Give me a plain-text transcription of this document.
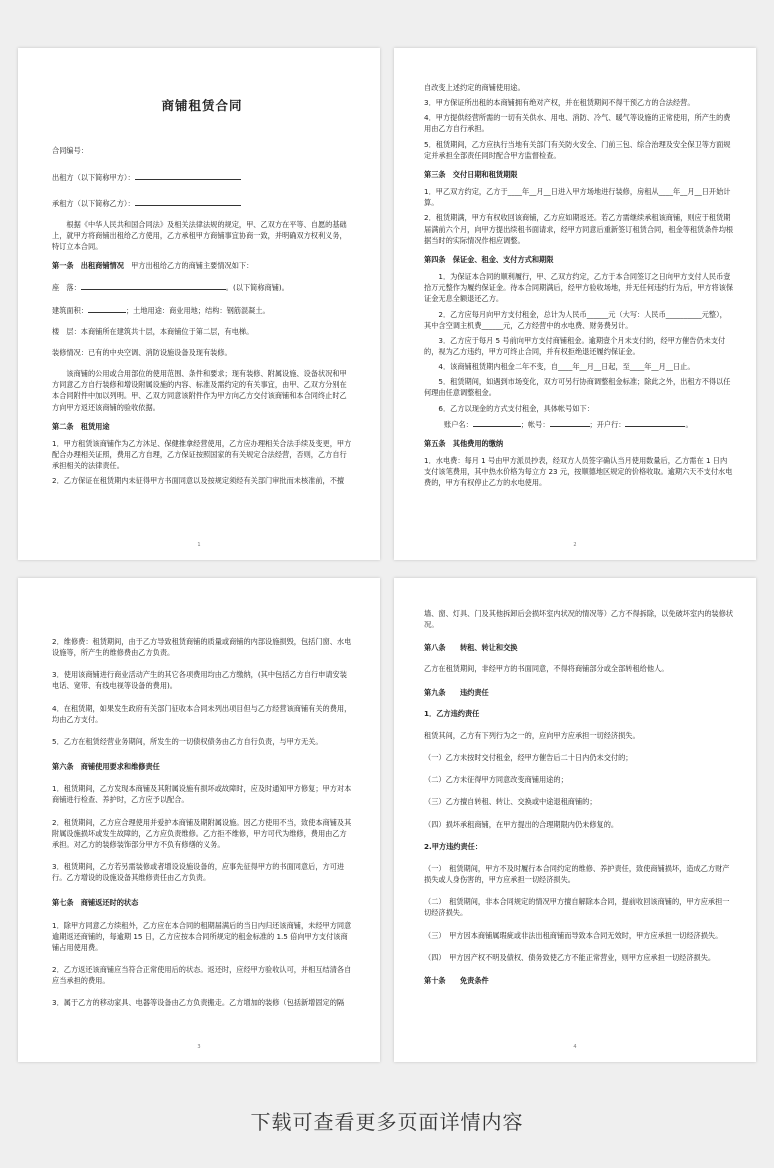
商铺租赁合同
合同编号：
出租方（以下简称甲方）：
承租方（以下简称乙方）：
根据《中华人民共和国合同法》及相关法律法规的规定，甲、乙双方在平等、自愿的基础上，就甲方将商铺出租给乙方使用，乙方承租甲方商铺事宜协商一致，并明确双方权利义务，特订立本合同。
第一条　出租商铺情况　 甲方出租给乙方的商铺主要情况如下：
座　落：	。(以下简称商铺)。
建筑面积：	；土地用途：商业用地；结构：钢筋混凝土。
楼　层：本商铺所在建筑共十层，本商铺位于第二层，有电梯。
装修情况：已有的中央空调、消防设施设备及现有装修。
该商铺的公用或合用部位的使用范围、条件和要求；现有装修、附属设施、设备状况和甲方同意乙方自行装修和增设附属设施的内容、标准及需约定的有关事宜，由甲、乙双方分别在本合同附件中加以列明。甲、乙双方同意该附件作为甲方向乙方交付该商铺和本合同终止时乙方向甲方返还该商铺的验收依据。
第二条　租赁用途
1．甲方租赁该商铺作为乙方沐足、保健推拿经营使用，乙方应办理相关合法手续及变更，甲方配合办理相关证照，费用乙方自理，乙方保证按照国家的有关规定合法经营，否则，乙方自行承担相关的法律责任。
2．乙方保证在租赁期内未征得甲方书面同意以及按规定须经有关部门审批而未核准前，不擅
1
自改变上述约定的商铺使用途。
3．甲方保证所出租的本商铺拥有绝对产权，并在租赁期间不得干预乙方的合法经营。
4．甲方提供经营所需的一切有关供水、用电、消防、冷气、暖气等设施的正常使用，所产生的费用由乙方自行承担。
5．租赁期间，乙方应执行当地有关部门有关防火安全、门前三包、综合治理及安全保卫等方面规定并承担全部责任同时配合甲方监督检查。
第三条　交付日期和租赁期限
1．甲乙双方约定，乙方于____年__月__日进入甲方场地进行装修，房租从____年__月__日开始计算。
2．租赁期满，甲方有权收回该商铺，乙方应如期返还。若乙方需继续承租该商铺，则应于租赁期届满前六个月，向甲方提出续租书面请求，经甲方同意后重新签订租赁合同，租金等租赁条件均根据当时的实际情况作相应调整。
第四条　保证金、租金、支付方式和期限
1．为保证本合同的顺利履行，甲、乙双方约定，乙方于本合同签订之日向甲方支付人民币壹拾万元整作为履约保证金。待本合同期满后，经甲方验收场地，并无任何违约行为后，甲方将该保证金无息全额退还乙方。
2．乙方应每月向甲方支付租金，总计为人民币______元（大写：人民币__________元整），其中含空调主机费______元，乙方经营中的水电费、财务费另计。
3．乙方应于每月 5 号前向甲方支付商铺租金。逾期壹个月未支付的，经甲方催告仍未支付的，视为乙方违约，甲方可终止合同，并有权拒绝退还履约保证金。
4．该商铺租赁期内租金二年不变，自____年__月__日起，至____年__月__日止。
5．租赁期间，如遇到市场变化，双方可另行协商调整租金标准；除此之外，出租方不得以任何理由任意调整租金。
6．乙方以现金的方式支付租金，具体帐号如下：
账户名：	；帐号：	；开户行：	。
第五条　其他费用的缴纳
1．水电费：每月 1 号由甲方派员抄表，经双方人员签字确认当月使用数量后，乙方需在 1 日内支付该笔费用，其中热水价格为每立方 23 元，按顺德地区规定的价格收取。逾期六天不支付水电费的，甲方有权停止乙方的水电使用。
2
2．维修费：租赁期间，由于乙方导致租赁商铺的质量或商铺的内部设施损毁，包括门窗、水电设施等，所产生的维修费由乙方负责。
3．使用该商铺进行商业活动产生的其它各项费用均由乙方缴纳，(其中包括乙方自行申请安装电话、宽带、有线电视等设备的费用)。
4．在租赁期，如果发生政府有关部门征收本合同未列出项目但与乙方经营该商铺有关的费用，均由乙方支付。
5．乙方在租赁经营业务期间，所发生的一切债权债务由乙方自行负责，与甲方无关。
第六条　商铺使用要求和维修责任
1．租赁期间，乙方发现本商铺及其附属设施有损坏或故障时，应及时通知甲方修复；甲方对本商铺进行检查、养护时，乙方应予以配合。
2．租赁期间，乙方应合理使用并爱护本商铺及期附属设施。因乙方使用不当，致使本商铺及其附属设施损坏或发生故障的，乙方应负责维修。乙方拒不维修，甲方可代为维修，费用由乙方承担。对乙方的装修装饰部分甲方不负有修缮的义务。
3．租赁期间，乙方若另需装修或者增设设施设备的，应事先征得甲方的书面同意后，方可进行。乙方增设的设施设备其维修责任由乙方负责。
第七条　商铺返还时的状态
1．除甲方同意乙方续租外，乙方应在本合同的租期届满后的当日内归还该商铺，未经甲方同意逾期返还商铺的，每逾期 15 日，乙方应按本合同所规定的租金标准的 1.5 倍向甲方支付该商铺占用使用费。
2．乙方返还该商铺应当符合正常使用后的状态。返还时，应经甲方验收认可，并相互结清各自应当承担的费用。
3．属于乙方的移动家具、电器等设备由乙方负责搬走。乙方增加的装修（包括新增固定的隔
3
墙、窗、灯具、门及其他拆卸后会损坏室内状况的情况等）乙方不得拆除，以免破坏室内的装修状况。
第八条　　转租、转让和交换
乙方在租赁期间，非经甲方的书面同意，不得将商铺部分或全部转租给他人。
第九条　　违约责任
1．乙方违约责任
租赁其间，乙方有下列行为之一的，应向甲方应承担一切经济损失。
（一）乙方未按时交付租金，经甲方催告后二十日内仍未交付的；
（二）乙方未征得甲方同意改变商铺用途的；
（三）乙方擅自转租、转让、交换或中途退租商铺的；
（四）损坏承租商铺，在甲方提出的合理期限内仍未修复的。
2.甲方违约责任：
（一）　租赁期间，甲方不及时履行本合同约定的维修、养护责任，致使商铺损坏，造成乙方财产损失或人身伤害的，甲方应承担一切经济损失。
（二）　租赁期间，非本合同规定的情况甲方擅自解除本合同，提前收回该商铺的，甲方应承担一切经济损失。
（三）　甲方因本商铺属瑕疵或非法出租商铺而导致本合同无效时，甲方应承担一切经济损失。
（四）　甲方因产权不明及债权、债务致使乙方不能正常营业，则甲方应承担一切经济损失。
第十条　　免责条件
4
下载可查看更多页面详情内容
